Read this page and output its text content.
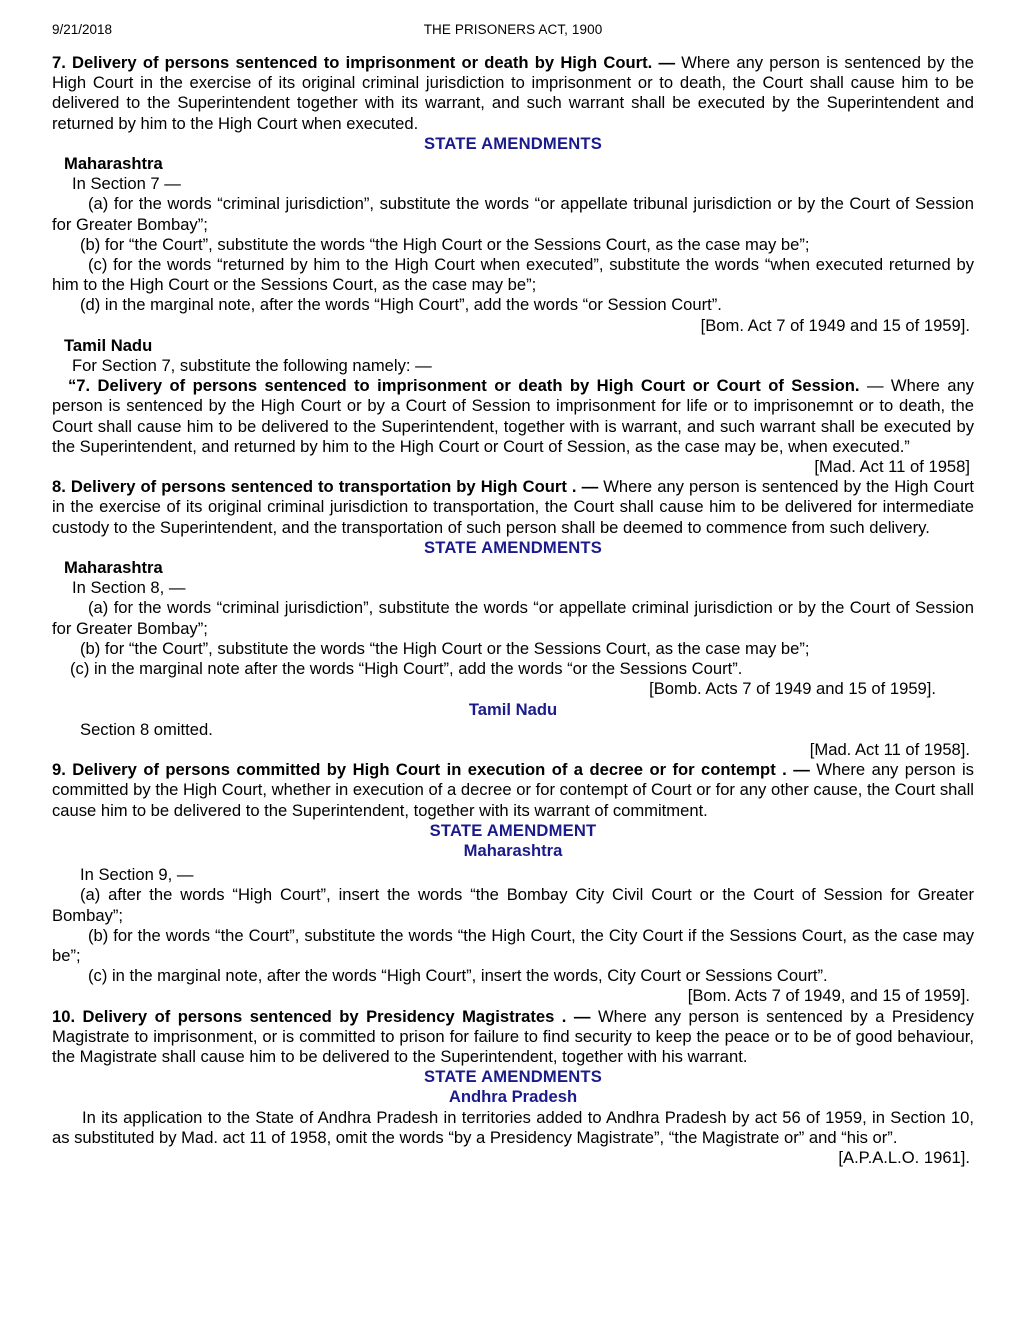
9/21/2018	THE PRISONERS ACT, 1900

7. Delivery of persons sentenced to imprisonment or death by High Court. — Where any person is sentenced by the High Court in the exercise of its original criminal jurisdiction to imprisonment or to death, the Court shall cause him to be delivered to the Superintendent together with its warrant, and such warrant shall be executed by the Superintendent and returned by him to the High Court when executed.

STATE AMENDMENTS

Maharashtra

In Section 7 —

(a) for the words “criminal jurisdiction”, substitute the words “or appellate tribunal jurisdiction or by the Court of Session for Greater Bombay”;

(b) for “the Court”, substitute the words “the High Court or the Sessions Court, as the case may be”;

(c) for the words “returned by him to the High Court when executed”, substitute the words “when executed returned by him to the High Court or the Sessions Court, as the case may be”;

(d) in the marginal note, after the words “High Court”, add the words “or Session Court”.

[Bom. Act 7 of 1949 and 15 of 1959].

Tamil Nadu

For Section 7, substitute the following namely: —

“7. Delivery of persons sentenced to imprisonment or death by High Court or Court of Session. — Where any person is sentenced by the High Court or by a Court of Session to imprisonment for life or to imprisonemnt or to death, the Court shall cause him to be delivered to the Superintendent, together with is warrant, and such warrant shall be executed by the Superintendent, and returned by him to the High Court or Court of Session, as the case may be, when executed.”

[Mad. Act 11 of 1958]

8. Delivery of persons sentenced to transportation by High Court . — Where any person is sentenced by the High Court in the exercise of its original criminal jurisdiction to transportation, the Court shall cause him to be delivered for intermediate custody to the Superintendent, and the transportation of such person shall be deemed to commence from such delivery.

STATE AMENDMENTS

Maharashtra

In Section 8, —

(a) for the words “criminal jurisdiction”, substitute the words “or appellate criminal jurisdiction or by the Court of Session for Greater Bombay”;

(b) for “the Court”, substitute the words “the High Court or the Sessions Court, as the case may be”;

(c) in the marginal note after the words “High Court”, add the words “or the Sessions Court”.

[Bomb. Acts 7 of 1949 and 15 of 1959].

Tamil Nadu

Section 8 omitted.

[Mad. Act 11 of 1958].

9. Delivery of persons committed by High Court in execution of a decree or for contempt . — Where any person is committed by the High Court, whether in execution of a decree or for contempt of Court or for any other cause, the Court shall cause him to be delivered to the Superintendent, together with its warrant of commitment.

STATE AMENDMENT

Maharashtra

In Section 9, —

(a) after the words “High Court”, insert the words “the Bombay City Civil Court or the Court of Session for Greater Bombay”;

(b) for the words “the Court”, substitute the words “the High Court, the City Court if the Sessions Court, as the case may be”;

(c) in the marginal note, after the words “High Court”, insert the words, City Court or Sessions Court”.

[Bom. Acts 7 of 1949, and 15 of 1959].

10. Delivery of persons sentenced by Presidency Magistrates . — Where any person is sentenced by a Presidency Magistrate to imprisonment, or is committed to prison for failure to find security to keep the peace or to be of good behaviour, the Magistrate shall cause him to be delivered to the Superintendent, together with his warrant.

STATE AMENDMENTS

Andhra Pradesh

In its application to the State of Andhra Pradesh in territories added to Andhra Pradesh by act 56 of 1959, in Section 10, as substituted by Mad. act 11 of 1958, omit the words “by a Presidency Magistrate”, “the Magistrate or” and “his or”.

[A.P.A.L.O. 1961].
